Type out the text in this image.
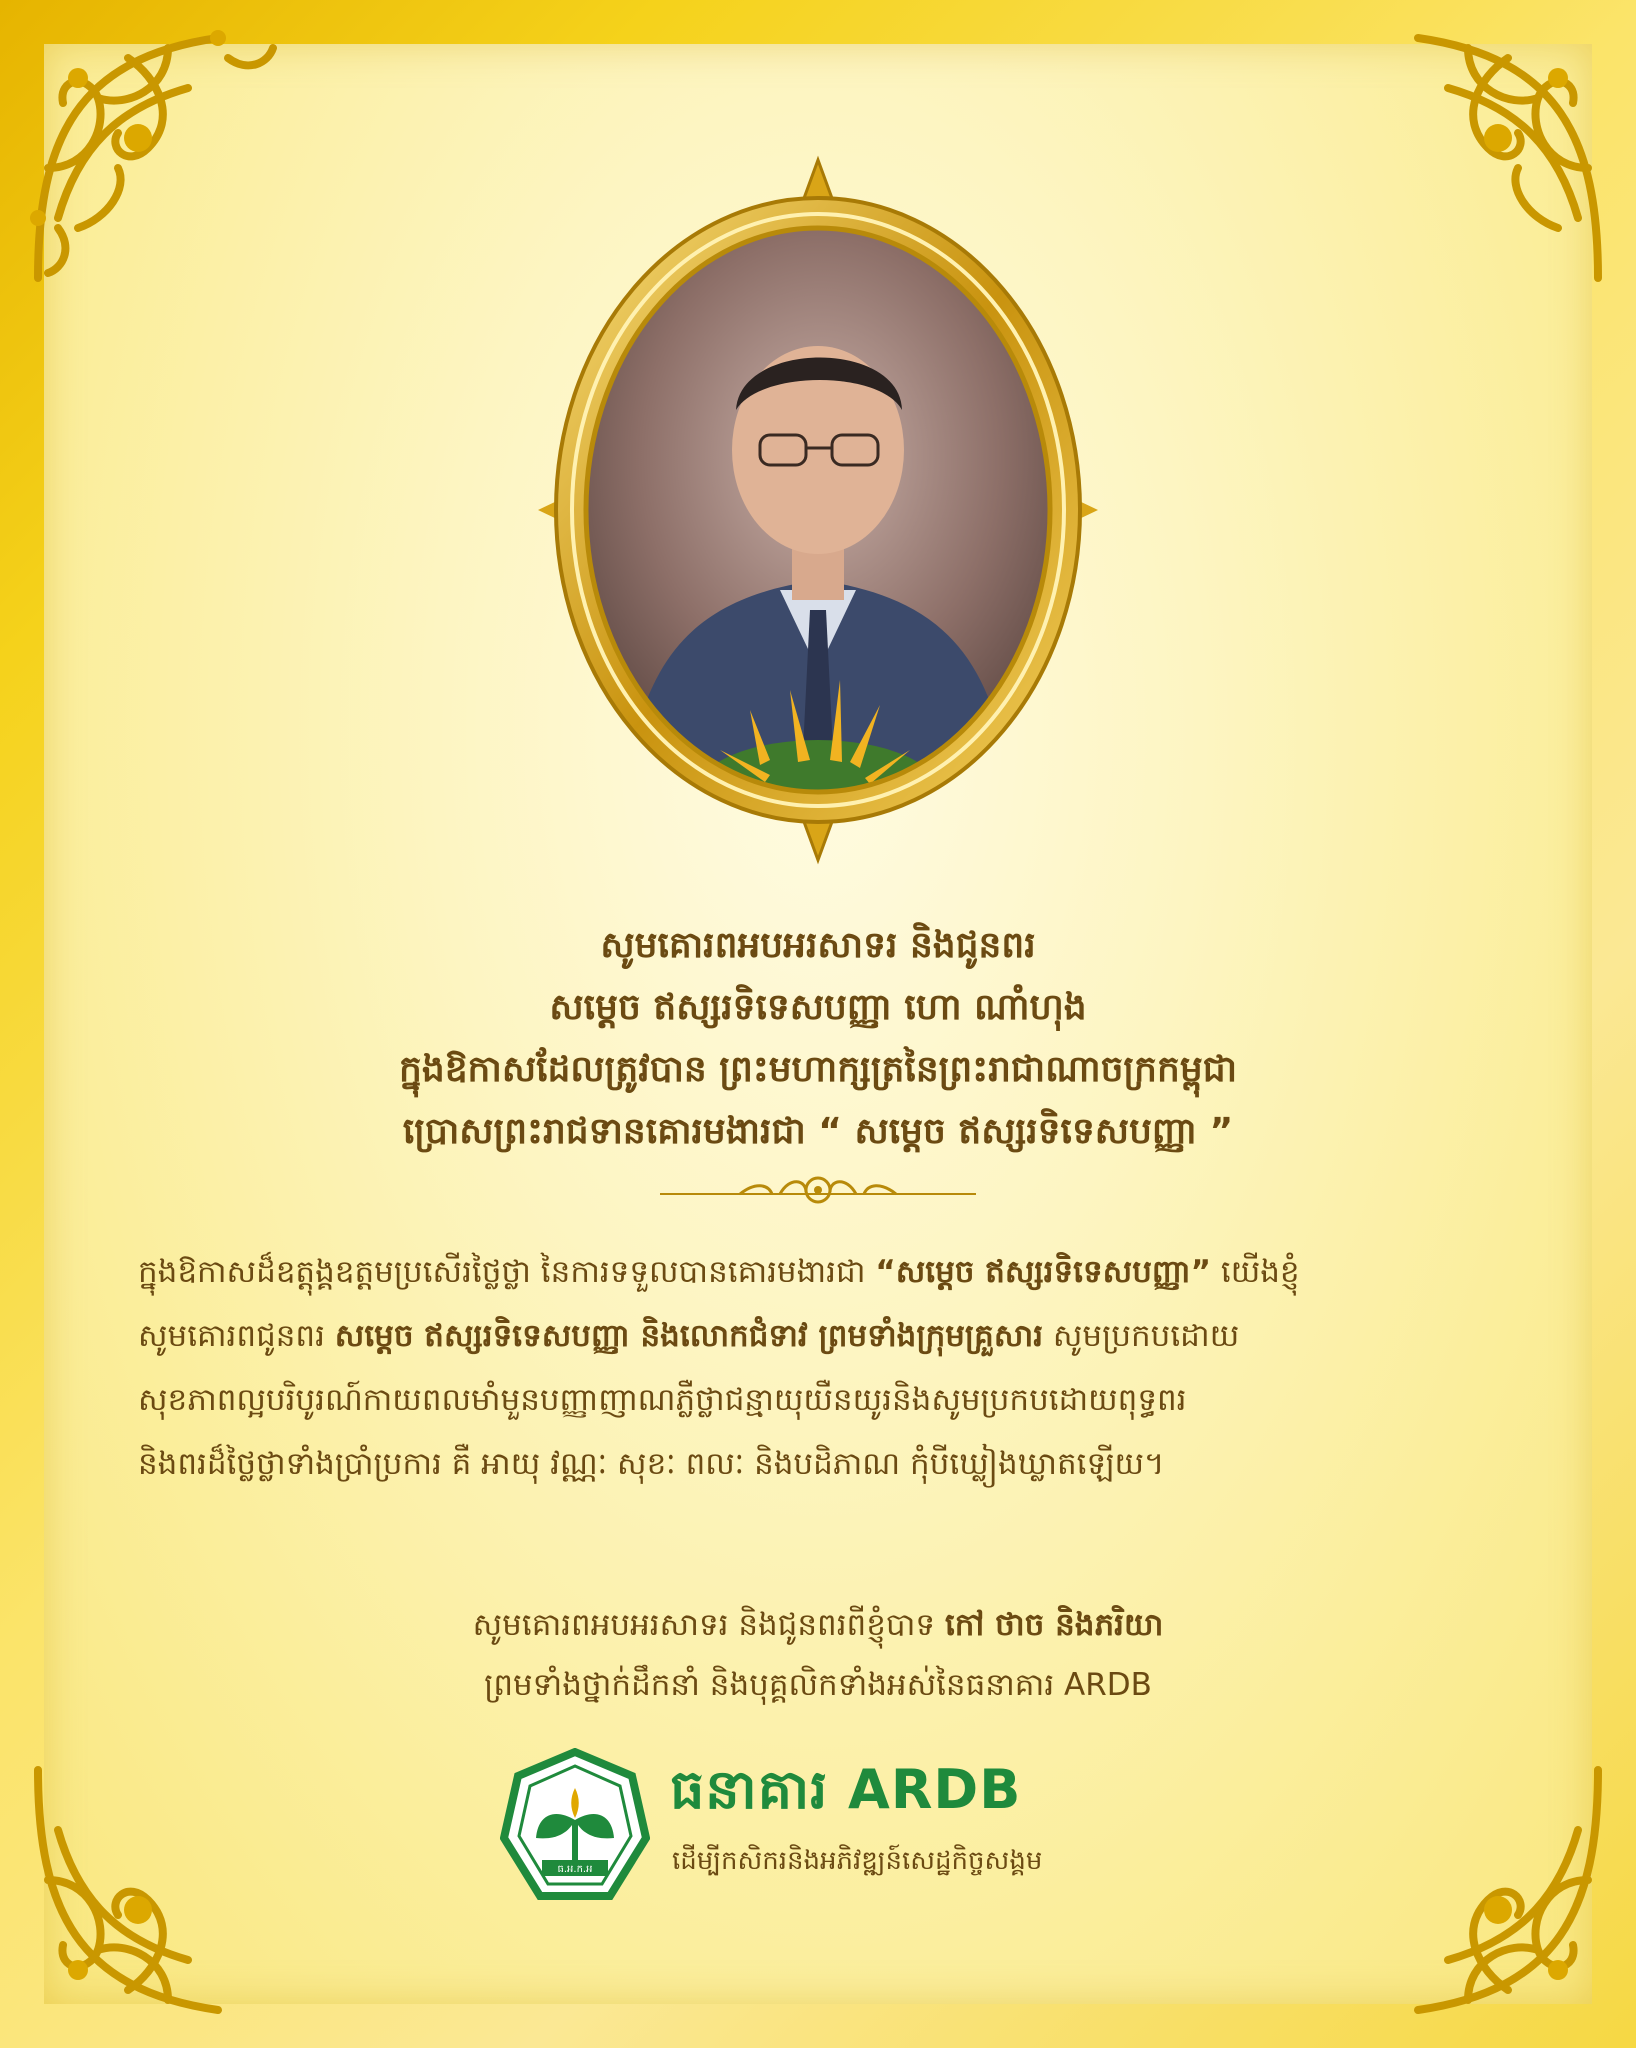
សូមគោរពអបអរសាទរ និងជូនពរ
សម្តេច ឥស្សរទិទេសបញ្ញា ហោ ណាំហុង
ក្នុងឱកាសដែលត្រូវបាន ព្រះមហាក្សត្រនៃព្រះរាជាណាចក្រកម្ពុជា
ប្រោសព្រះរាជទានគោរមងារជា “ សម្តេច ឥស្សរទិទេសបញ្ញា ”
ក្នុងឱកាសដ៏ឧត្តុង្គឧត្តមប្រសើរថ្លៃថ្លា នៃការទទួលបានគោរមងារជា “សម្តេច ឥស្សរទិទេសបញ្ញា” យើងខ្ញុំ
សូមគោរពជូនពរ សម្តេច ឥស្សរទិទេសបញ្ញា និងលោកជំទាវ ព្រមទាំងក្រុមគ្រួសារ សូមប្រកបដោយ
សុខភាពល្អបរិបូរណ៍កាយពលមាំមួនបញ្ញាញាណភ្លឺថ្លាជន្មាយុយឺនយូរនិងសូមប្រកបដោយពុទ្ធពរ
និងពរដ៏ថ្លៃថ្លាទាំងប្រាំប្រការ គឺ អាយុ វណ្ណៈ សុខៈ ពលៈ និងបដិភាណ កុំបីឃ្លៀងឃ្លាតឡើយ។
សូមគោរពអបអរសាទរ និងជូនពរពីខ្ញុំបាទ កៅ ថាច និងភរិយា
ព្រមទាំងថ្នាក់ដឹកនាំ និងបុគ្គលិកទាំងអស់នៃធនាគារ ARDB
ធ.អ.ក.អ
ធនាគារ ARDB
ដើម្បីកសិករនិងអភិវឌ្ឍន៍សេដ្ឋកិច្ចសង្គម
